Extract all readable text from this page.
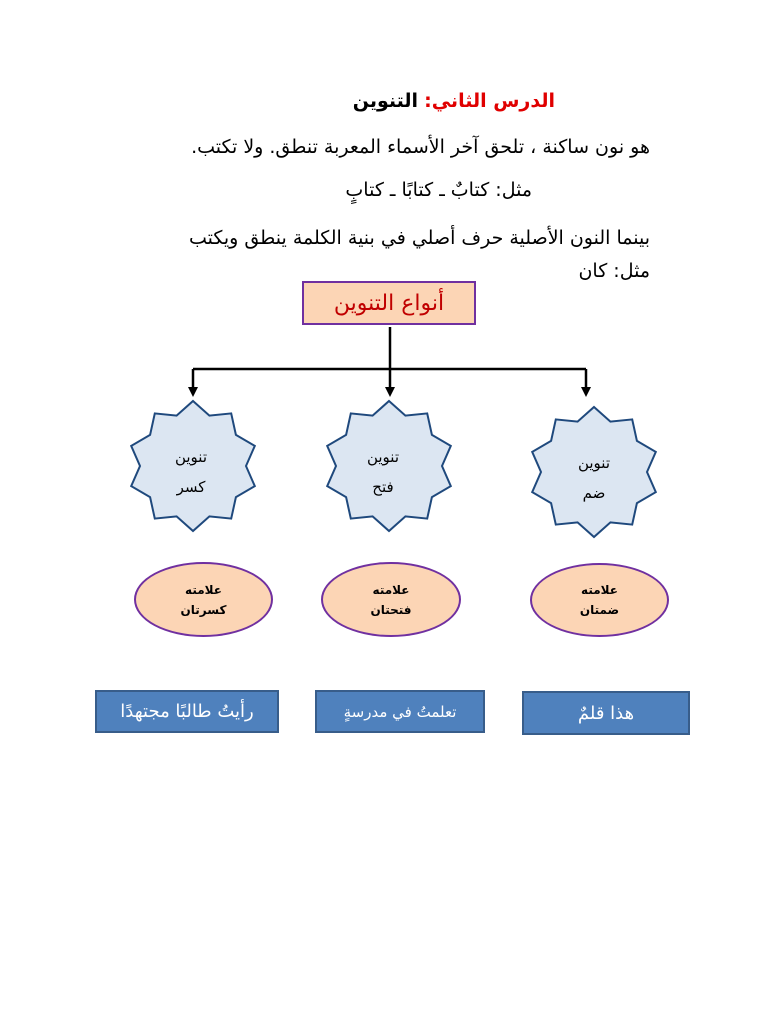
الدرس الثاني: التنوين
هو نون ساكنة ، تلحق آخر الأسماء المعربة تنطق. ولا تكتب.
مثل: كتابٌ ـ كتابًا ـ كتابٍ
بينما النون الأصلية حرف أصلي في بنية الكلمة ينطق ويكتب
مثل: كان
أنواع التنوين
تنوين
ضم
تنوين
فتح
تنوين
كسر
علامته
ضمتان
علامته
فتحتان
علامته
كسرتان
هذا قلمٌ
تعلمتُ في مدرسةٍ
رأيتُ طالبًا مجتهدًا
